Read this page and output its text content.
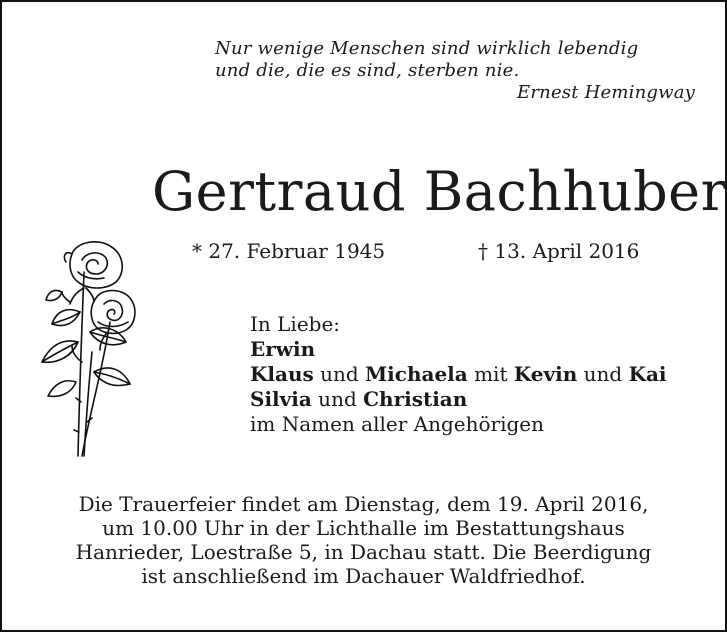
Nur wenige Menschen sind wirklich lebendig
und die, die es sind, sterben nie.
Ernest Hemingway
Gertraud Bachhuber
* 27. Februar 1945	† 13. April 2016
In Liebe:
Erwin
Klaus und Michaela mit Kevin und Kai
Silvia und Christian
im Namen aller Angehörigen
Die Trauerfeier findet am Dienstag, dem 19. April 2016,
um 10.00 Uhr in der Lichthalle im Bestattungshaus
Hanrieder, Loestraße 5, in Dachau statt. Die Beerdigung
ist anschließend im Dachauer Waldfriedhof.
